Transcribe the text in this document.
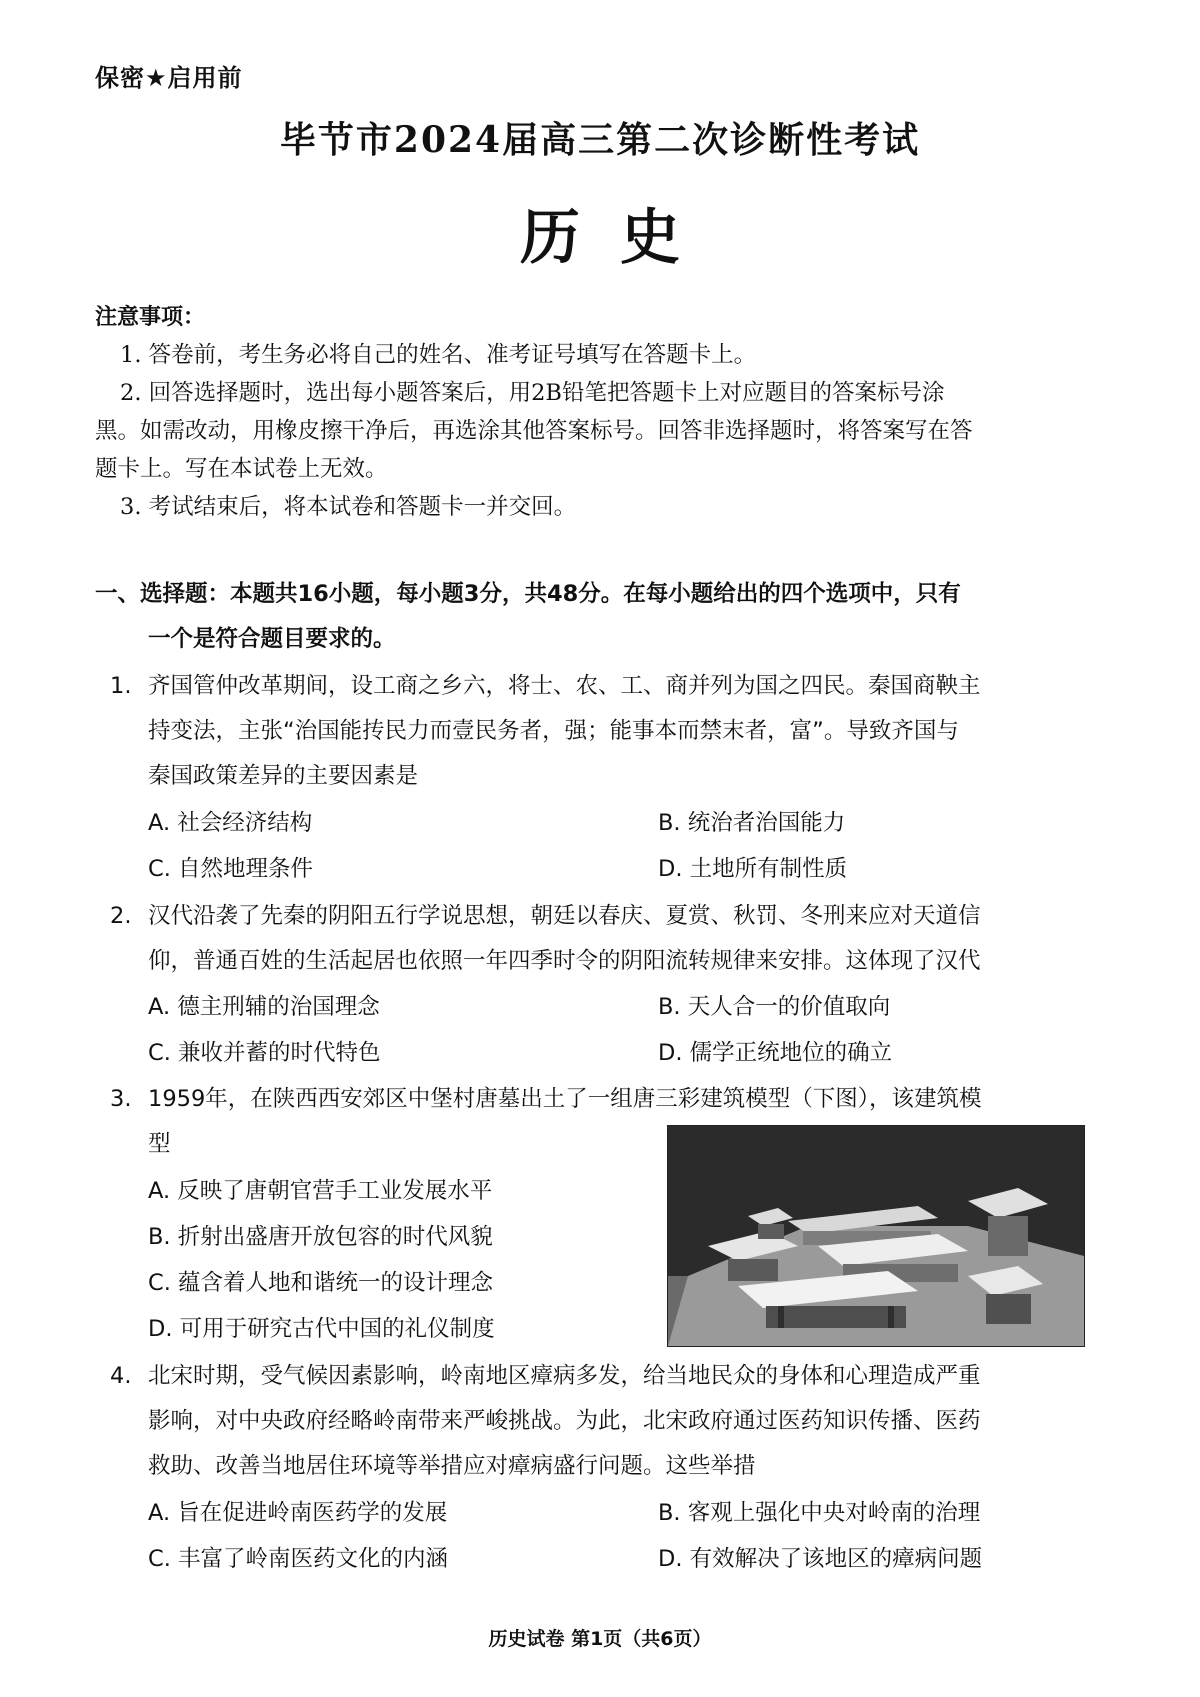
保密★启用前
毕节市2024届高三第二次诊断性考试
历史
注意事项：
1. 答卷前，考生务必将自己的姓名、准考证号填写在答题卡上。
2. 回答选择题时，选出每小题答案后，用2B铅笔把答题卡上对应题目的答案标号涂
黑。如需改动，用橡皮擦干净后，再选涂其他答案标号。回答非选择题时，将答案写在答
题卡上。写在本试卷上无效。
3. 考试结束后，将本试卷和答题卡一并交回。
一、选择题：本题共16小题，每小题3分，共48分。在每小题给出的四个选项中，只有
一个是符合题目要求的。
1. 齐国管仲改革期间，设工商之乡六，将士、农、工、商并列为国之四民。秦国商鞅主
持变法，主张“治国能抟民力而壹民务者，强；能事本而禁末者，富”。导致齐国与
秦国政策差异的主要因素是
A. 社会经济结构	B. 统治者治国能力
C. 自然地理条件	D. 土地所有制性质
2. 汉代沿袭了先秦的阴阳五行学说思想，朝廷以春庆、夏赏、秋罚、冬刑来应对天道信
仰，普通百姓的生活起居也依照一年四季时令的阴阳流转规律来安排。这体现了汉代
A. 德主刑辅的治国理念	B. 天人合一的价值取向
C. 兼收并蓄的时代特色	D. 儒学正统地位的确立
3. 1959年，在陕西西安郊区中堡村唐墓出土了一组唐三彩建筑模型（下图），该建筑模
型
A. 反映了唐朝官营手工业发展水平
B. 折射出盛唐开放包容的时代风貌
C. 蕴含着人地和谐统一的设计理念
D. 可用于研究古代中国的礼仪制度
4. 北宋时期，受气候因素影响，岭南地区瘴病多发，给当地民众的身体和心理造成严重
影响，对中央政府经略岭南带来严峻挑战。为此，北宋政府通过医药知识传播、医药
救助、改善当地居住环境等举措应对瘴病盛行问题。这些举措
A. 旨在促进岭南医药学的发展	B. 客观上强化中央对岭南的治理
C. 丰富了岭南医药文化的内涵	D. 有效解决了该地区的瘴病问题
历史试卷 第1页（共6页）
